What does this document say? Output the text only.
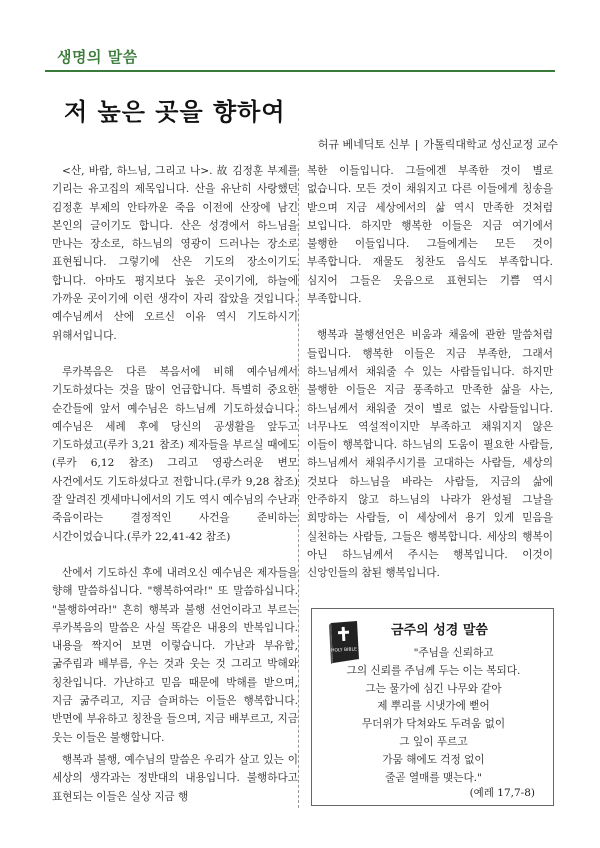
생명의 말씀
저 높은 곳을 향하여
허규 베네딕토 신부 | 가톨릭대학교 성신교정 교수

<산, 바람, 하느님, 그리고 나>. 故 김정훈 부제를 기리는 유고집의 제목입니다. 산을 유난히 사랑했던 김정훈 부제의 안타까운 죽음 이전에 산장에 남긴 본인의 글이기도 합니다. 산은 성경에서 하느님을 만나는 장소로, 하느님의 영광이 드러나는 장소로 표현됩니다. 그렇기에 산은 기도의 장소이기도 합니다. 아마도 평지보다 높은 곳이기에, 하늘에 가까운 곳이기에 이런 생각이 자리 잡았을 것입니다. 예수님께서 산에 오르신 이유 역시 기도하시기 위해서입니다.

루카복음은 다른 복음서에 비해 예수님께서 기도하셨다는 것을 많이 언급합니다. 특별히 중요한 순간들에 앞서 예수님은 하느님께 기도하셨습니다. 예수님은 세례 후에 당신의 공생활을 앞두고 기도하셨고(루카 3,21 참조) 제자들을 부르실 때에도(루카 6,12 참조) 그리고 영광스러운 변모 사건에서도 기도하셨다고 전합니다.(루카 9,28 참조) 잘 알려진 겟세마니에서의 기도 역시 예수님의 수난과 죽음이라는 결정적인 사건을 준비하는 시간이었습니다.(루카 22,41-42 참조)

산에서 기도하신 후에 내려오신 예수님은 제자들을 향해 말씀하십니다. "행복하여라!" 또 말씀하십니다. "불행하여라!" 흔히 행복과 불행 선언이라고 부르는 루카복음의 말씀은 사실 똑같은 내용의 반복입니다. 내용을 짝지어 보면 이렇습니다. 가난과 부유함, 굶주림과 배부름, 우는 것과 웃는 것 그리고 박해와 칭찬입니다. 가난하고 믿음 때문에 박해를 받으며, 지금 굶주리고, 지금 슬퍼하는 이들은 행복합니다. 반면에 부유하고 칭찬을 들으며, 지금 배부르고, 지금 웃는 이들은 불행합니다.

행복과 불행, 예수님의 말씀은 우리가 살고 있는 이 세상의 생각과는 정반대의 내용입니다. 불행하다고 표현되는 이들은 실상 지금 행

복한 이들입니다. 그들에겐 부족한 것이 별로 없습니다. 모든 것이 채워지고 다른 이들에게 칭송을 받으며 지금 세상에서의 삶 역시 만족한 것처럼 보입니다. 하지만 행복한 이들은 지금 여기에서 불행한 이들입니다. 그들에게는 모든 것이 부족합니다. 재물도 칭찬도 음식도 부족합니다. 심지어 그들은 웃음으로 표현되는 기쁨 역시 부족합니다.

행복과 불행선언은 비움과 채움에 관한 말씀처럼 들립니다. 행복한 이들은 지금 부족한, 그래서 하느님께서 채워줄 수 있는 사람들입니다. 하지만 불행한 이들은 지금 풍족하고 만족한 삶을 사는, 하느님께서 채워줄 것이 별로 없는 사람들입니다. 너무나도 역설적이지만 부족하고 채워지지 않은 이들이 행복합니다. 하느님의 도움이 필요한 사람들, 하느님께서 채워주시기를 고대하는 사람들, 세상의 것보다 하느님을 바라는 사람들, 지금의 삶에 안주하지 않고 하느님의 나라가 완성될 그날을 희망하는 사람들, 이 세상에서 용기 있게 믿음을 실천하는 사람들, 그들은 행복합니다. 세상의 행복이 아닌 하느님께서 주시는 행복입니다. 이것이 신앙인들의 참된 행복입니다.

HOLY BIBLE
금주의 성경 말씀
"주님을 신뢰하고
그의 신뢰를 주님께 두는 이는 복되다.
그는 물가에 심긴 나무와 같아
제 뿌리를 시냇가에 뻗어
무더위가 닥쳐와도 두려움 없이
그 잎이 푸르고
가뭄 해에도 걱정 없이
줄곧 열매를 맺는다."
(예레 17,7-8)
